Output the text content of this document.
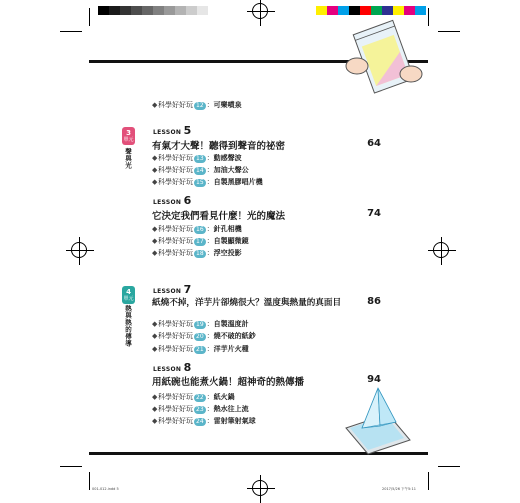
◆科學好好玩 12 ：可樂噴泉
3
單元
聲與光
4
單元
熱與熱的傳導
LESSON 5
有氣才大聲！聽得到聲音的祕密	64
◆科學好好玩 13 ：動感聲波
◆科學好好玩 14 ：加油大聲公
◆科學好好玩 15 ：自製黑膠唱片機
LESSON 6
它決定我們看見什麼！光的魔法	74
◆科學好好玩 16 ：針孔相機
◆科學好好玩 17 ：自製顯微鏡
◆科學好好玩 18 ：浮空投影
LESSON 7
紙燒不掉，洋芋片卻燒很大？溫度與熱量的真面目	86
◆科學好好玩 19 ：自製溫度計
◆科學好好玩 20 ：燒不破的紙鈔
◆科學好好玩 21 ：洋芋片火種
LESSON 8
用紙碗也能煮火鍋！超神奇的熱傳播	94
◆科學好好玩 22 ：紙火鍋
◆科學好好玩 23 ：熱水往上流
◆科學好好玩 24 ：雷射筆射氣球
001-012.indd 5	2017/5/26 下午5:11
